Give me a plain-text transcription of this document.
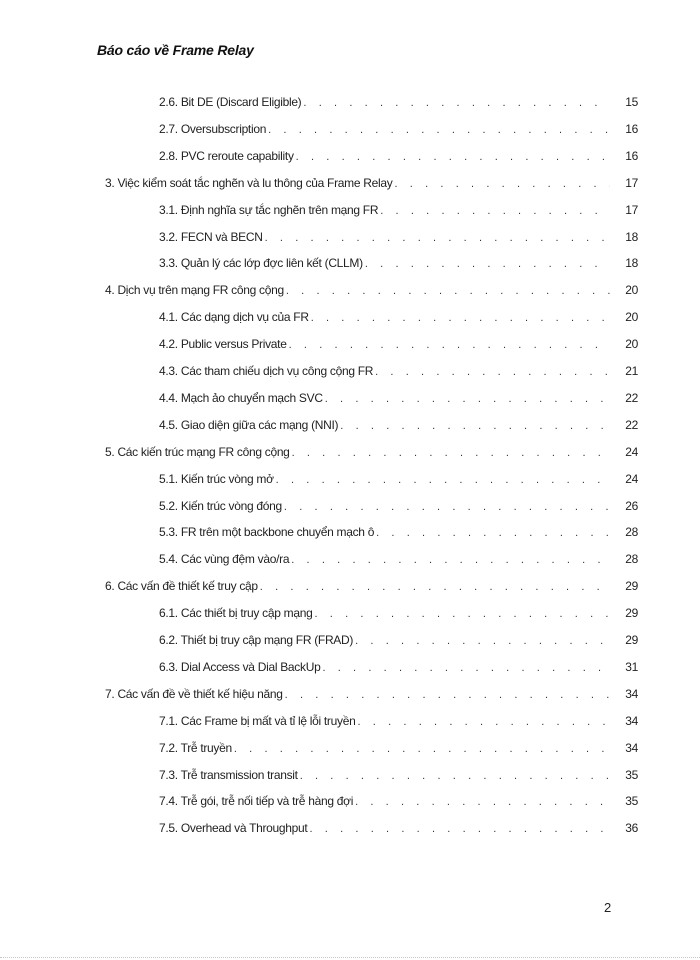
Báo cáo về Frame Relay
2.6. Bit DE (Discard Eligible) . . .	15
2.7. Oversubscription . . .	16
2.8. PVC reroute capability . . .	16
3. Việc kiểm soát tắc nghẽn và lu thông của Frame Relay . . .	17
3.1. Định nghĩa sự tắc nghẽn trên mạng FR . . .	17
3.2. FECN và BECN . . .	18
3.3. Quản lý các lớp đợc liên kết (CLLM) . . .	18
4. Dịch vụ trên mạng FR công cộng . . .	20
4.1. Các dạng dịch vụ của FR . . .	20
4.2. Public versus Private . . .	20
4.3. Các tham chiếu dịch vụ công cộng FR . . .	21
4.4. Mạch ảo chuyển mạch SVC . . .	22
4.5. Giao diện giữa các mạng (NNI) . . .	22
5. Các kiến trúc mạng FR công cộng . . .	24
5.1. Kiến trúc vòng mở . . .	24
5.2. Kiến trúc vòng đóng . . .	26
5.3. FR trên một backbone chuyển mạch ô . . .	28
5.4. Các vùng đệm vào/ra . . .	28
6. Các vấn đề thiết kế truy cập . . .	29
6.1. Các thiết bị truy cập mạng . . .	29
6.2. Thiết bị truy cập mạng FR (FRAD) . . .	29
6.3. Dial Access và Dial BackUp . . .	31
7. Các vấn đề về thiết kế hiệu năng . . .	34
7.1. Các Frame bị mất và tỉ lệ lỗi truyền . . .	34
7.2. Trễ truyền . . .	34
7.3. Trễ transmission transit . . .	35
7.4. Trễ gói, trễ nối tiếp và trễ hàng đợi . . .	35
7.5. Overhead và Throughput . . .	36
2
